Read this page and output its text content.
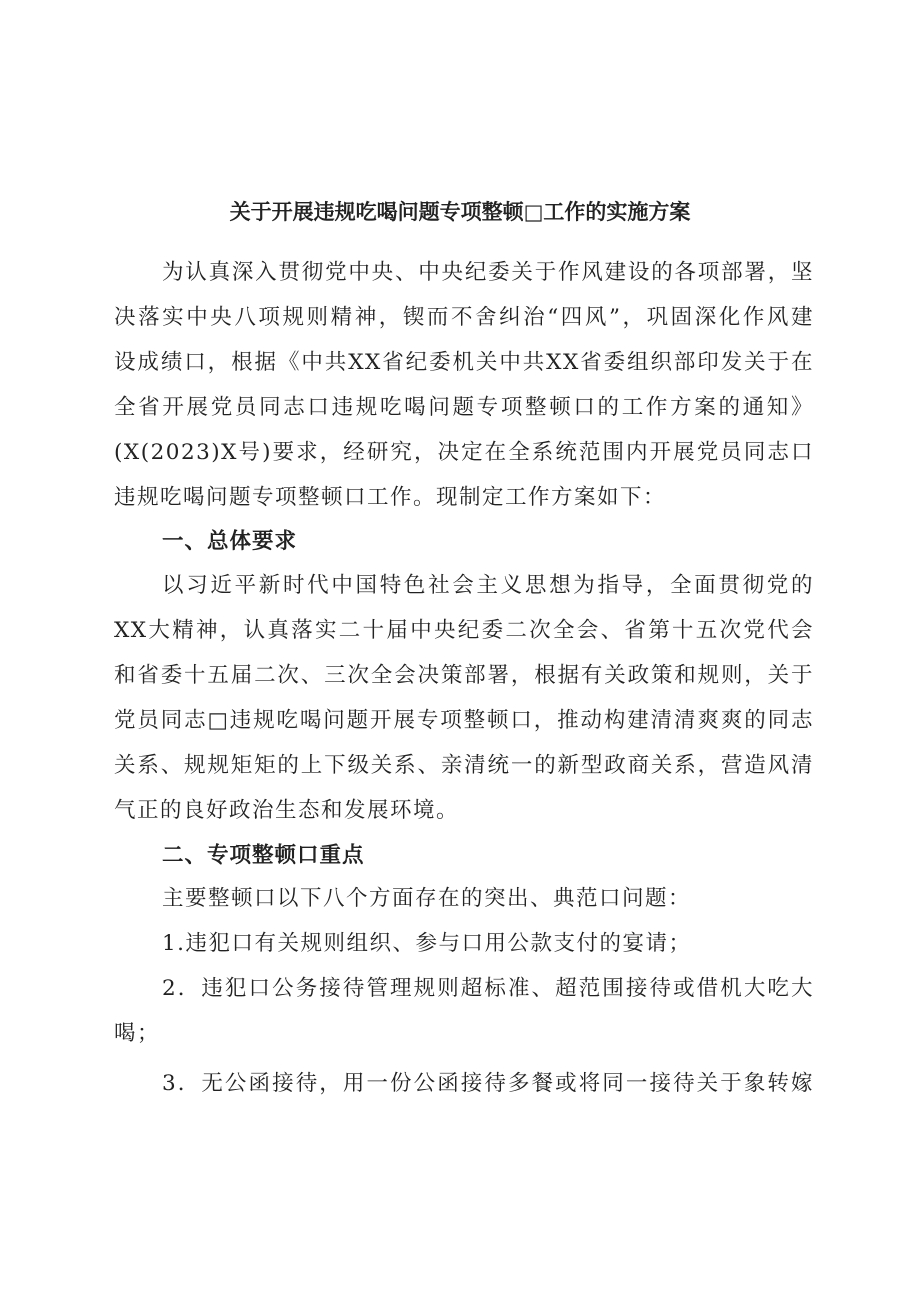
关于开展违规吃喝问题专项整顿□工作的实施方案
为认真深入贯彻党中央、中央纪委关于作风建设的各项部署，坚
决落实中央八项规则精神，锲而不舍纠治“四风”，巩固深化作风建
设成绩口，根据《中共XX省纪委机关中共XX省委组织部印发关于在
全省开展党员同志口违规吃喝问题专项整顿口的工作方案的通知》
(X(2023)X号)要求，经研究，决定在全系统范围内开展党员同志口
违规吃喝问题专项整顿口工作。现制定工作方案如下：
一、总体要求
以习近平新时代中国特色社会主义思想为指导，全面贯彻党的
XX大精神，认真落实二十届中央纪委二次全会、省第十五次党代会
和省委十五届二次、三次全会决策部署，根据有关政策和规则，关于
党员同志□违规吃喝问题开展专项整顿口，推动构建清清爽爽的同志
关系、规规矩矩的上下级关系、亲清统一的新型政商关系，营造风清
气正的良好政治生态和发展环境。
二、专项整顿口重点
主要整顿口以下八个方面存在的突出、典范口问题：
1.违犯口有关规则组织、参与口用公款支付的宴请；
2．违犯口公务接待管理规则超标准、超范围接待或借机大吃大
喝；
3．无公函接待，用一份公函接待多餐或将同一接待关于象转嫁
